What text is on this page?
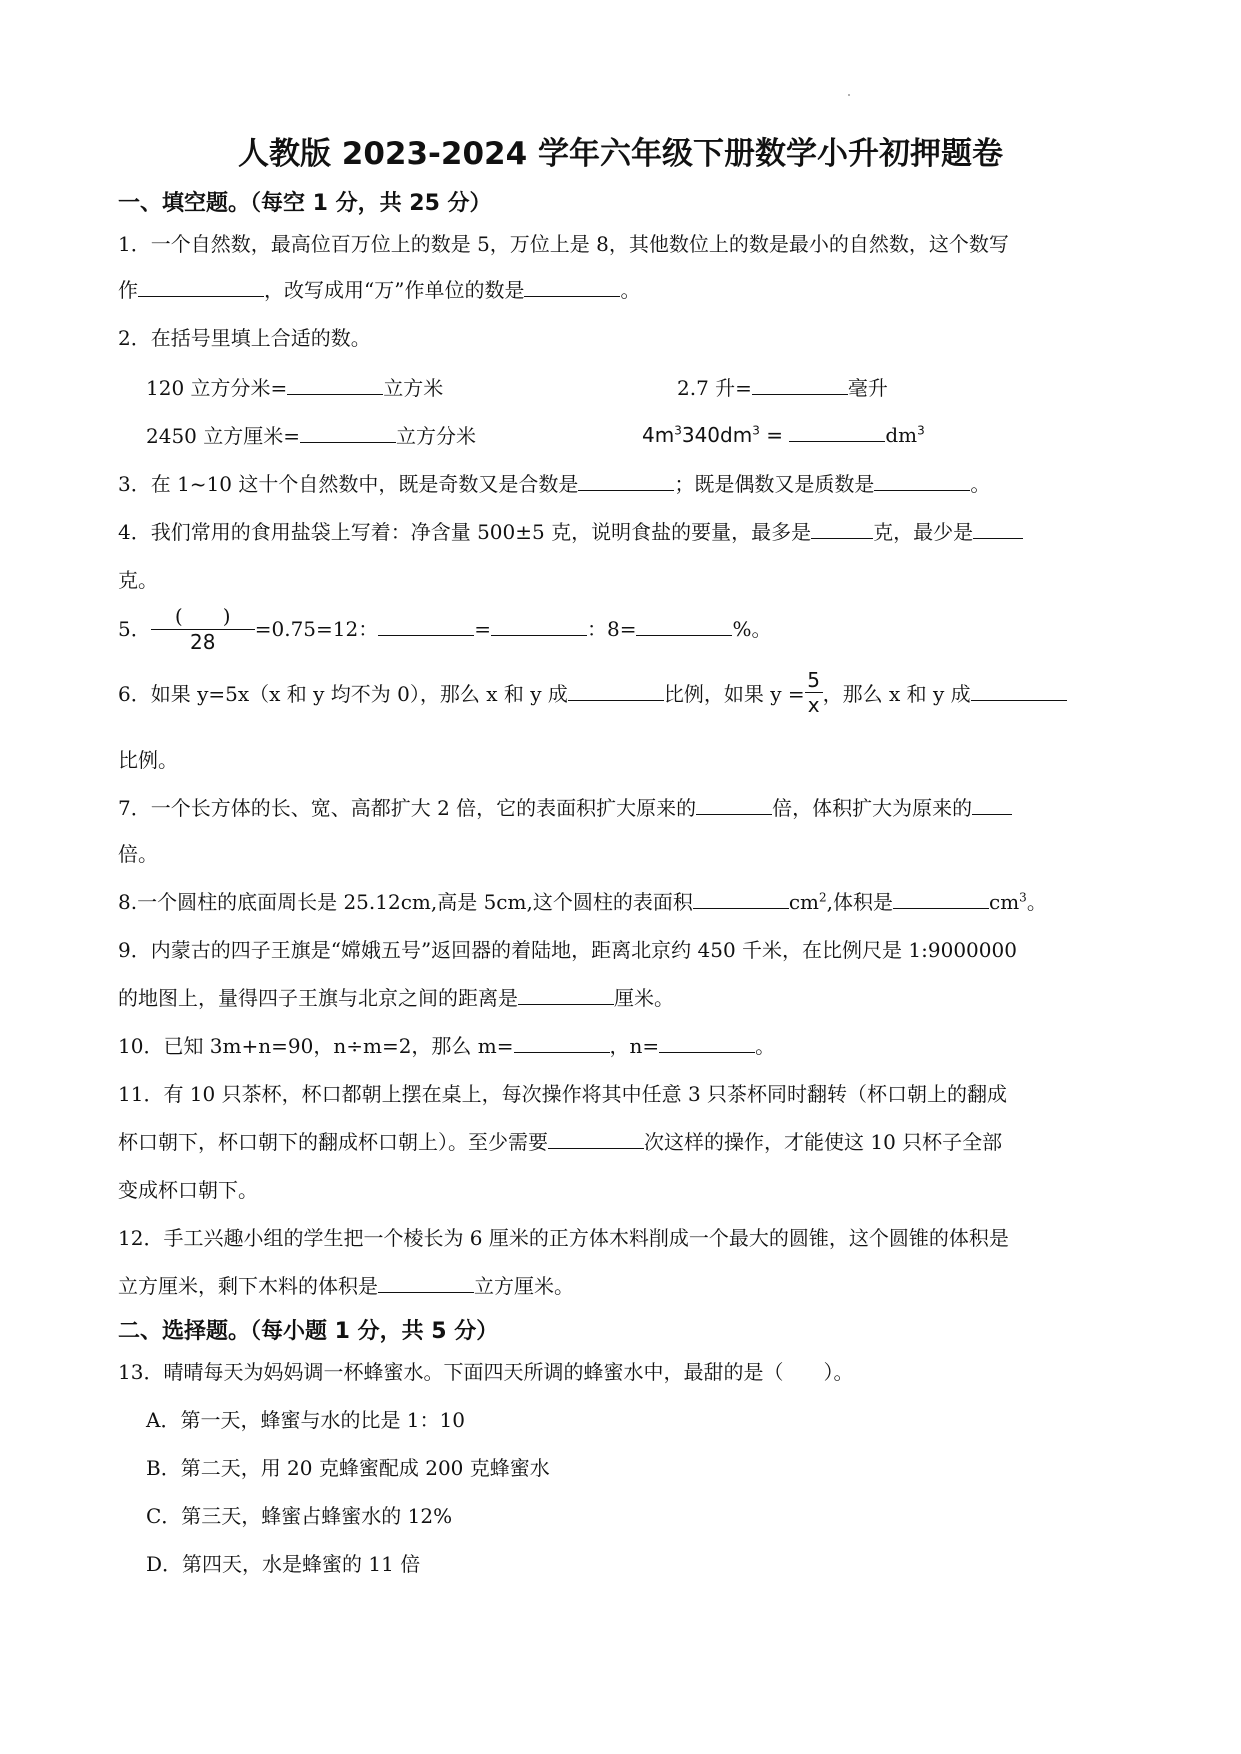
人教版 2023-2024 学年六年级下册数学小升初押题卷
一、填空题。（每空 1 分，共 25 分）
1．一个自然数，最高位百万位上的数是 5，万位上是 8，其他数位上的数是最小的自然数，这个数写
作	，改写成用“万”作单位的数是	。
2．在括号里填上合适的数。
120 立方分米=	立方米	2.7 升=	毫升
2450 立方厘米=	立方分米	$4m^3340dm^3$ =	$dm^3$
3．在 1~10 这十个自然数中，既是奇数又是合数是	；既是偶数又是质数是	。
4．我们常用的食用盐袋上写着：净含量 500±5 克，说明食盐的要量，最多是	克，最少是
克。
5． $\frac{( )}{28} =0.75=12$：	=	：8=	%。
6．如果 y=5x（x 和 y 均不为 0），那么 x 和 y 成	比例，如果 $y = \frac{5}{x}$ ，那么 x 和 y 成
比例。
7．一个长方体的长、宽、高都扩大 2 倍，它的表面积扩大原来的	倍，体积扩大为原来的
倍。
8.一个圆柱的底面周长是 25.12cm,高是 5cm,这个圆柱的表面积	$cm^2$,体积是	$cm^3$。
9．内蒙古的四子王旗是“嫦娥五号”返回器的着陆地，距离北京约 450 千米，在比例尺是 1:9000000
的地图上，量得四子王旗与北京之间的距离是	厘米。
10．已知 3m+n=90，n÷m=2，那么 m=	，n=	。
11．有 10 只茶杯，杯口都朝上摆在桌上，每次操作将其中任意 3 只茶杯同时翻转（杯口朝上的翻成
杯口朝下，杯口朝下的翻成杯口朝上）。至少需要	次这样的操作，才能使这 10 只杯子全部
变成杯口朝下。
12．手工兴趣小组的学生把一个棱长为 6 厘米的正方体木料削成一个最大的圆锥，这个圆锥的体积是
立方厘米，剩下木料的体积是	立方厘米。
二、选择题。（每小题 1 分，共 5 分）
13．晴晴每天为妈妈调一杯蜂蜜水。下面四天所调的蜂蜜水中，最甜的是（　　）。
A．第一天，蜂蜜与水的比是 1：10
B．第二天，用 20 克蜂蜜配成 200 克蜂蜜水
C．第三天，蜂蜜占蜂蜜水的 12%
D．第四天，水是蜂蜜的 11 倍
